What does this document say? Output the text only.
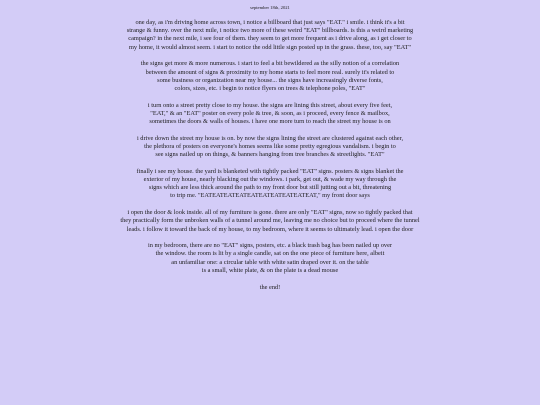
september 18th, 2021

one day, as i'm driving home across town, i notice a billboard that just says "EAT." i smile. i think it's a bit
strange & funny. over the next mile, i notice two more of these weird "EAT" billboards. is this a weird marketing
campaign? in the next mile, i see four of them. they seem to get more frequent as i drive along, as i get closer to
my home, it would almost seem. i start to notice the odd little sign posted up in the grass. these, too, say "EAT"

the signs get more & more numerous. i start to feel a bit bewildered as the silly notion of a correlation
between the amount of signs & proximity to my home starts to feel more real. surely it's related to
some business or organization near my house... the signs have increasingly diverse fonts,
colors, sizes, etc. i begin to notice flyers on trees & telephone poles, "EAT"

i turn onto a street pretty close to my house. the signs are lining this street, about every five feet,
"EAT," & an "EAT" poster on every pole & tree, & soon, as i proceed, every fence & mailbox,
sometimes the doors & walls of houses. i have one more turn to reach the street my house is on

i drive down the street my house is on. by now the signs lining the street are clustered against each other,
the plethora of posters on everyone's homes seems like some pretty egregious vandalism. i begin to
see signs nailed up on things, & banners hanging from tree branches & streetlights. "EAT"

finally i see my house. the yard is blanketed with tightly packed "EAT" signs. posters & signs blanket the
exterior of my house, nearly blacking out the windows. i park, get out, & wade my way through the
signs which are less thick around the path to my front door but still jutting out a bit, threatening
to trip me. "EATEATEATEATEATEATEATEATEATEAT," my front door says

i open the door & look inside. all of my furniture is gone. there are only "EAT" signs, now so tightly packed that
they practically form the unbroken walls of a tunnel around me, leaving me no choice but to proceed where the tunnel
leads. i follow it toward the back of my house, to my bedroom, where it seems to ultimately lead. i open the door

in my bedroom, there are no "EAT" signs, posters, etc. a black trash bag has been nailed up over
the window. the room is lit by a single candle, sat on the one piece of furniture here, albeit
an unfamiliar one: a circular table with white satin draped over it. on the table
is a small, white plate, & on the plate is a dead mouse

the end!
